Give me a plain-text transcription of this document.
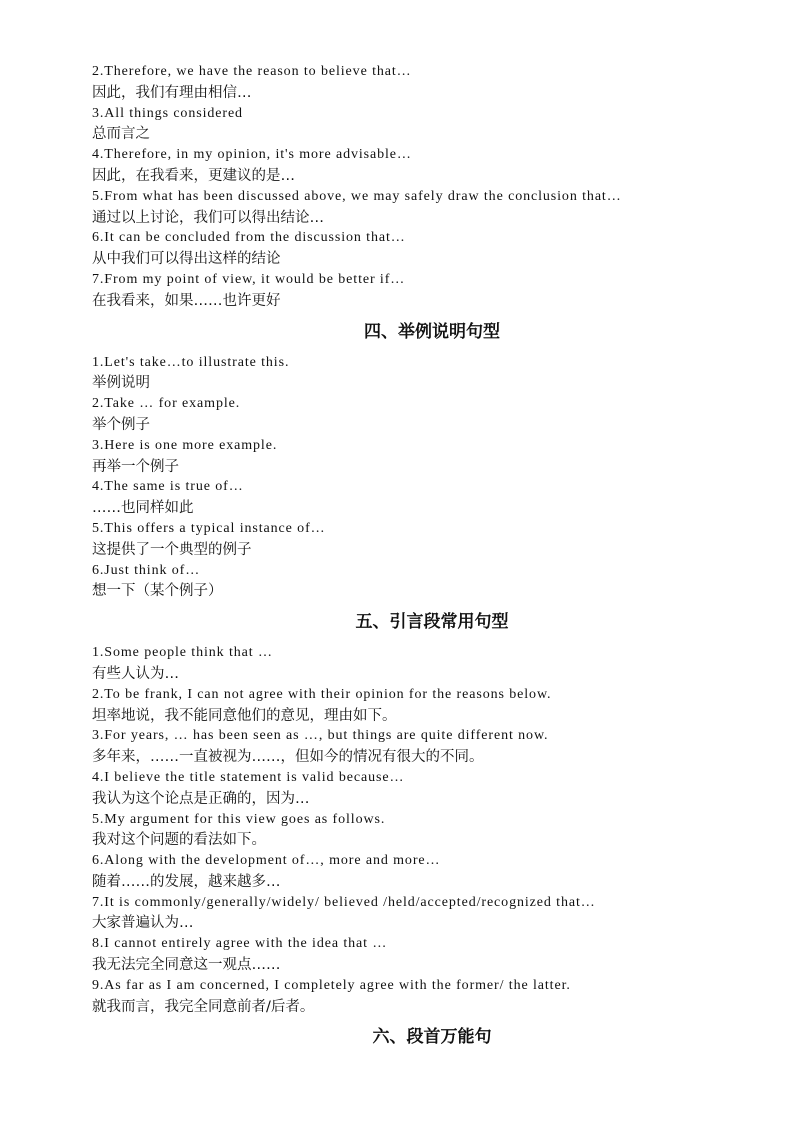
2.Therefore, we have the reason to believe that…
因此，我们有理由相信…
3.All things considered
总而言之
4.Therefore, in my opinion, it's more advisable…
因此，在我看来，更建议的是…
5.From what has been discussed above, we may safely draw the conclusion that…
通过以上讨论，我们可以得出结论…
6.It can be concluded from the discussion that…
从中我们可以得出这样的结论
7.From my point of view, it would be better if…
在我看来，如果……也许更好
四、举例说明句型
1.Let's take…to illustrate this.
举例说明
2.Take … for example.
举个例子
3.Here is one more example.
再举一个例子
4.The same is true of…
……也同样如此
5.This offers a typical instance of…
这提供了一个典型的例子
6.Just think of…
想一下（某个例子）
五、引言段常用句型
1.Some people think that …
有些人认为…
2.To be frank, I can not agree with their opinion for the reasons below.
坦率地说，我不能同意他们的意见，理由如下。
3.For years, … has been seen as …, but things are quite different now.
多年来，……一直被视为……，但如今的情况有很大的不同。
4.I believe the title statement is valid because…
我认为这个论点是正确的，因为…
5.My argument for this view goes as follows.
我对这个问题的看法如下。
6.Along with the development of…, more and more…
随着……的发展，越来越多…
7.It is commonly/generally/widely/ believed /held/accepted/recognized that…
大家普遍认为…
8.I cannot entirely agree with the idea that …
我无法完全同意这一观点……
9.As far as I am concerned, I completely agree with the former/ the latter.
就我而言，我完全同意前者/后者。
六、段首万能句
